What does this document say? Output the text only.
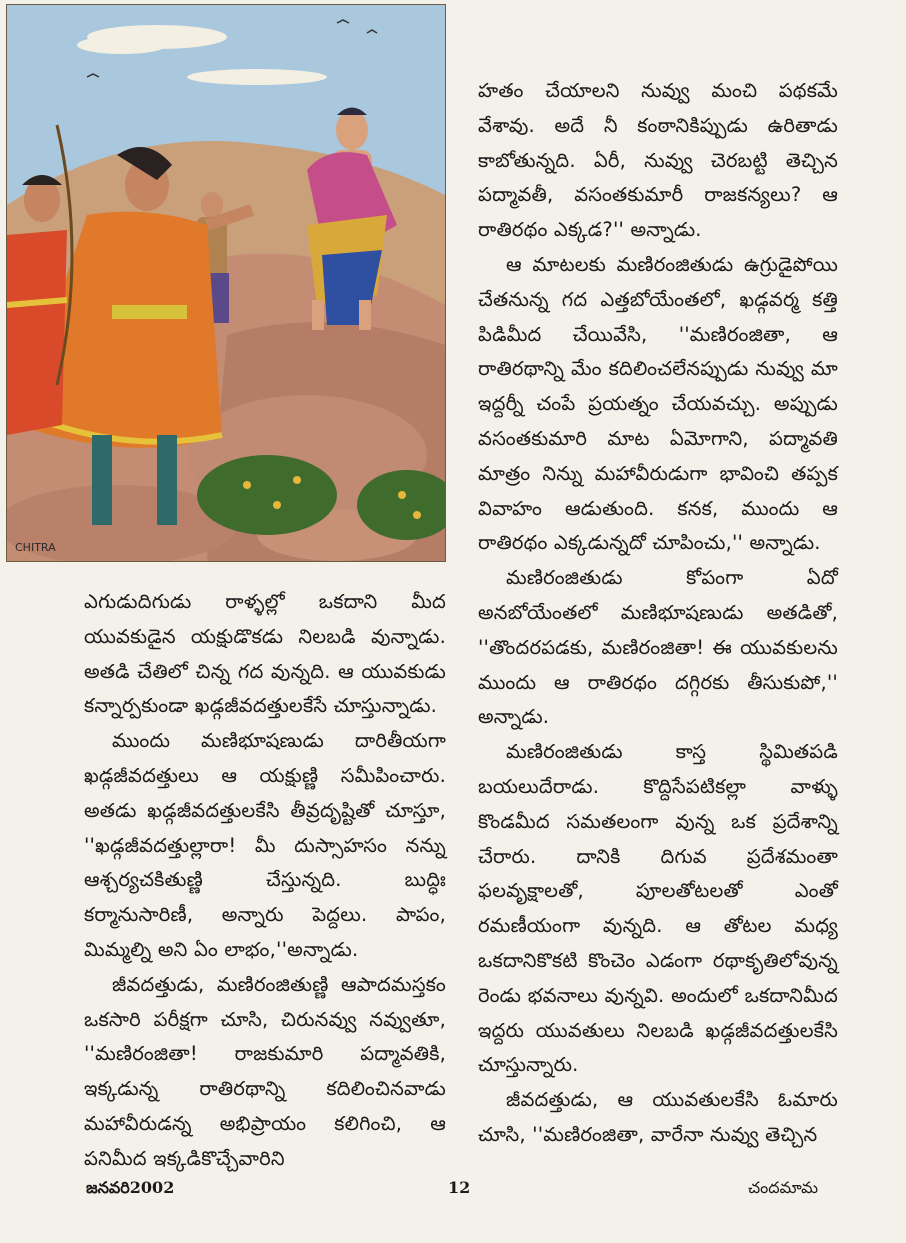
CHITRA

హతం చేయాలని నువ్వు మంచి పథకమే వేశావు. అదే నీ కంఠానికిప్పుడు ఉరితాడు కాబోతున్నది. ఏరీ, నువ్వు చెరబట్టి తెచ్చిన పద్మావతీ, వసంతకుమారీ రాజకన్యలు? ఆ రాతిరథం ఎక్కడ?'' అన్నాడు.

ఆ మాటలకు మణిరంజితుడు ఉగ్రుడైపోయి చేతనున్న గద ఎత్తబోయేంతలో, ఖడ్గవర్మ కత్తి పిడిమీద చేయివేసి, ''మణిరంజితా, ఆ రాతిరథాన్ని మేం కదిలించలేనప్పుడు నువ్వు మా ఇద్దర్నీ చంపే ప్రయత్నం చేయవచ్చు. అప్పుడు వసంతకుమారి మాట ఏమోగాని, పద్మావతి మాత్రం నిన్ను మహావీరుడుగా భావించి తప్పక వివాహం ఆడుతుంది. కనక, ముందు ఆ రాతిరథం ఎక్కడున్నదో చూపించు,'' అన్నాడు.

మణిరంజితుడు కోపంగా ఏదో అనబోయేంతలో మణిభూషణుడు అతడితో, ''తొందరపడకు, మణిరంజితా! ఈ యువకులను ముందు ఆ రాతిరథం దగ్గిరకు తీసుకుపో,'' అన్నాడు.

మణిరంజితుడు కాస్త స్థిమితపడి బయలుదేరాడు. కొద్దిసేపటికల్లా వాళ్ళు కొండమీద సమతలంగా వున్న ఒక ప్రదేశాన్ని చేరారు. దానికి దిగువ ప్రదేశమంతా ఫలవృక్షాలతో, పూలతోటలతో ఎంతో రమణీయంగా వున్నది. ఆ తోటల మధ్య ఒకదానికొకటి కొంచెం ఎడంగా రథాకృతిలోవున్న రెండు భవనాలు వున్నవి. అందులో ఒకదానిమీద ఇద్దరు యువతులు నిలబడి ఖడ్గజీవదత్తులకేసి చూస్తున్నారు.

జీవదత్తుడు, ఆ యువతులకేసి ఓమారు చూసి, ''మణిరంజితా, వారేనా నువ్వు తెచ్చిన

ఎగుడుదిగుడు రాళ్ళల్లో ఒకదాని మీద యువకుడైన యక్షుడొకడు నిలబడి వున్నాడు. అతడి చేతిలో చిన్న గద వున్నది. ఆ యువకుడు కన్నార్పకుండా ఖడ్గజీవదత్తులకేసే చూస్తున్నాడు.

ముందు మణిభూషణుడు దారితీయగా ఖడ్గజీవదత్తులు ఆ యక్షుణ్ణి సమీపించారు. అతడు ఖడ్గజీవదత్తులకేసి తీవ్రదృష్టితో చూస్తూ, ''ఖడ్గజీవదత్తుల్లారా! మీ దుస్సాహసం నన్ను ఆశ్చర్యచకితుణ్ణి చేస్తున్నది. బుద్ధిః కర్మానుసారిణీ, అన్నారు పెద్దలు. పాపం, మిమ్మల్ని అని ఏం లాభం,''అన్నాడు.

జీవదత్తుడు, మణిరంజితుణ్ణి ఆపాదమస్తకం ఒకసారి పరీక్షగా చూసి, చిరునవ్వు నవ్వుతూ, ''మణిరంజితా! రాజకుమారి పద్మావతికి, ఇక్కడున్న రాతిరథాన్ని కదిలించినవాడు మహావీరుడన్న అభిప్రాయం కలిగించి, ఆ పనిమీద ఇక్కడికొచ్చేవారిని

జనవరి2002	12	చందమామ
